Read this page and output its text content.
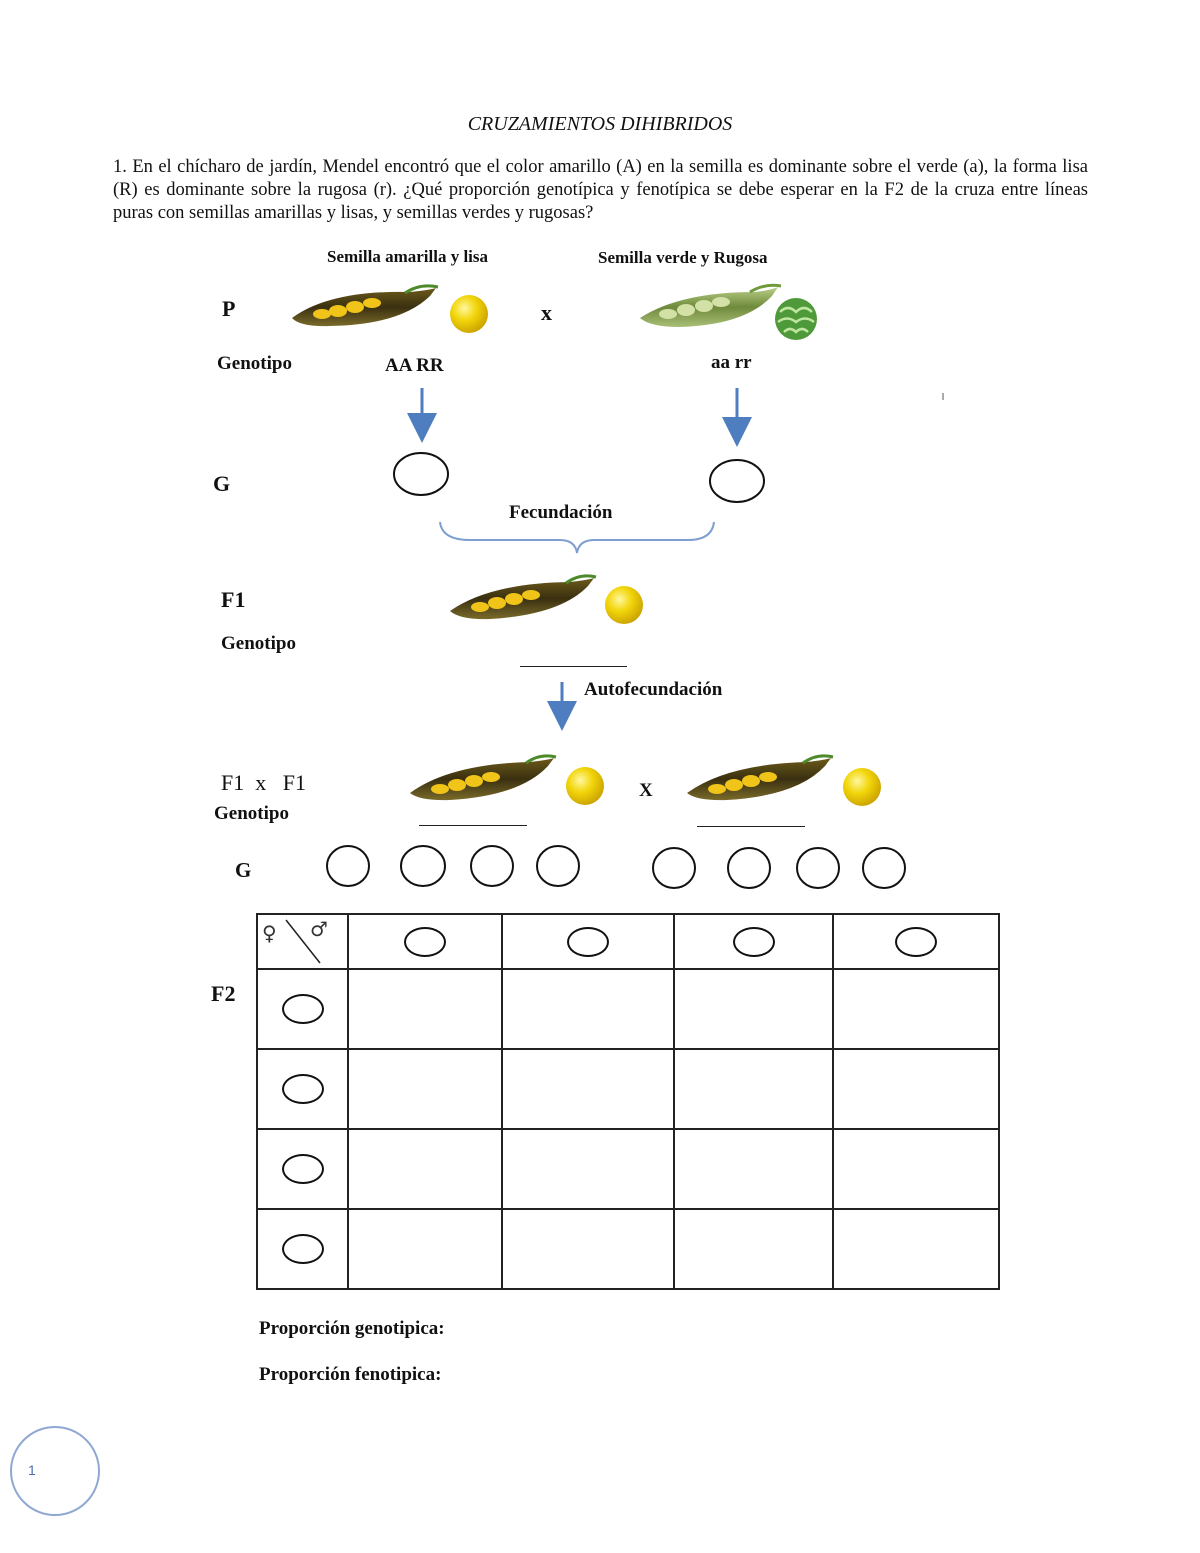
CRUZAMIENTOS DIHIBRIDOS
1. En el chícharo de jardín, Mendel encontró que el color amarillo (A) en la semilla es dominante sobre el verde (a), la forma lisa (R) es dominante sobre la rugosa (r). ¿Qué proporción genotípica y fenotípica se debe esperar en la F2 de la cruza entre líneas puras con semillas amarillas y lisas, y semillas verdes y rugosas?
Semilla amarilla y lisa	Semilla verde y Rugosa
P	x
Genotipo	AA RR	aa rr
G
Fecundación
F1
Genotipo
Autofecundación
F1  x   F1
Genotipo
X
G
F2
♀ ♂				

Proporción genotipica:
Proporción fenotipica:
1
